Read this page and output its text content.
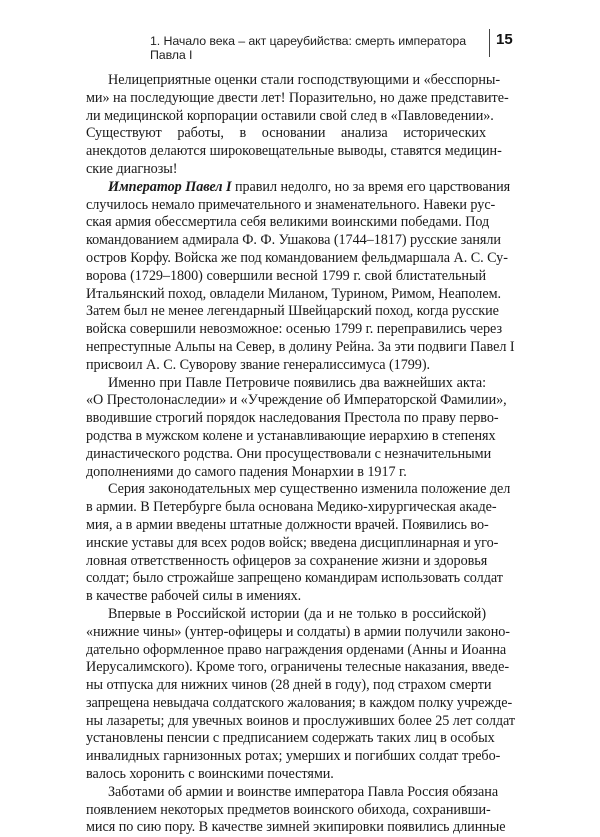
1. Начало века – акт цареубийства: смерть императора Павла I
15
Нелицеприятные оценки стали господствующими и «бесспорны-
ми» на последующие двести лет! Поразительно, но даже представите-
ли медицинской корпорации оставили свой след в «Павловедении».
Существуют работы, в основании анализа исторических
анекдотов делаются широковещательные выводы, ставятся медицин-
ские диагнозы!
Император Павел I правил недолго, но за время его царствования
случилось немало примечательного и знаменательного. Навеки рус-
ская армия обессмертила себя великими воинскими победами. Под
командованием адмирала Ф. Ф. Ушакова (1744–1817) русские заняли
остров Корфу. Войска же под командованием фельдмаршала А. С. Су-
ворова (1729–1800) совершили весной 1799 г. свой блистательный
Итальянский поход, овладели Миланом, Турином, Римом, Неаполем.
Затем был не менее легендарный Швейцарский поход, когда русские
войска совершили невозможное: осенью 1799 г. переправились через
непреступные Альпы на Север, в долину Рейна. За эти подвиги Павел I
присвоил А. С. Суворову звание генералиссимуса (1799).
Именно при Павле Петровиче появились два важнейших акта:
«О Престолонаследии» и «Учреждение об Императорской Фамилии»,
вводившие строгий порядок наследования Престола по праву перво-
родства в мужском колене и устанавливающие иерархию в степенях
династического родства. Они просуществовали с незначительными
дополнениями до самого падения Монархии в 1917 г.
Серия законодательных мер существенно изменила положение дел
в армии. В Петербурге была основана Медико-хирургическая акаде-
мия, а в армии введены штатные должности врачей. Появились во-
инские уставы для всех родов войск; введена дисциплинарная и уго-
ловная ответственность офицеров за сохранение жизни и здоровья
солдат; было строжайше запрещено командирам использовать солдат
в качестве рабочей силы в имениях.
Впервые в Российской истории (да и не только в российской)
«нижние чины» (унтер-офицеры и солдаты) в армии получили законо-
дательно оформленное право награждения орденами (Анны и Иоанна
Иерусалимского). Кроме того, ограничены телесные наказания, введе-
ны отпуска для нижних чинов (28 дней в году), под страхом смерти
запрещена невыдача солдатского жалования; в каждом полку учрежде-
ны лазареты; для увечных воинов и прослуживших более 25 лет солдат
установлены пенсии с предписанием содержать таких лиц в особых
инвалидных гарнизонных ротах; умерших и погибших солдат требо-
валось хоронить с воинскими почестями.
Заботами об армии и воинстве императора Павла Россия обязана
появлением некоторых предметов воинского обихода, сохранивши-
мися по сию пору. В качестве зимней экипировки появились длинные
